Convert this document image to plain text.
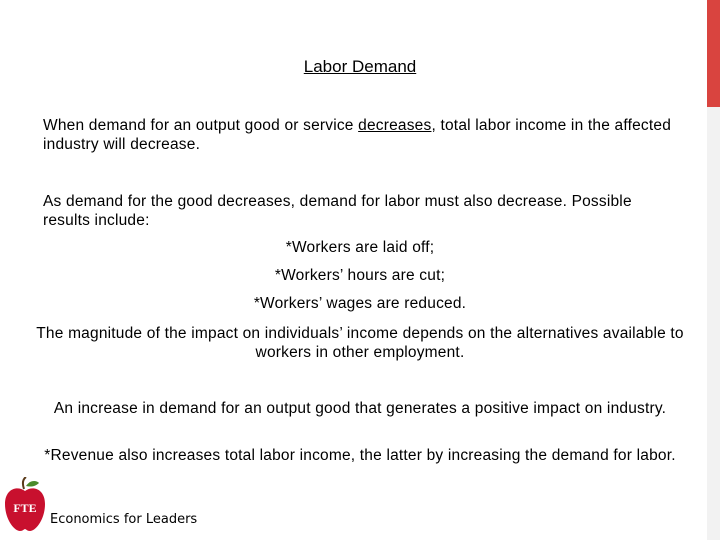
Labor Demand
When demand for an output good or service decreases, total labor income in the affected industry will decrease.
As demand for the good decreases, demand for labor must also decrease. Possible results include:
*Workers are laid off;
*Workers’ hours are cut;
*Workers’ wages are reduced.
The magnitude of the impact on individuals’ income depends on the alternatives available to workers in other employment.
An increase in demand for an output good that generates a positive impact on industry.
*Revenue also increases total labor income, the latter by increasing the demand for labor.
FTE
Economics for Leaders
